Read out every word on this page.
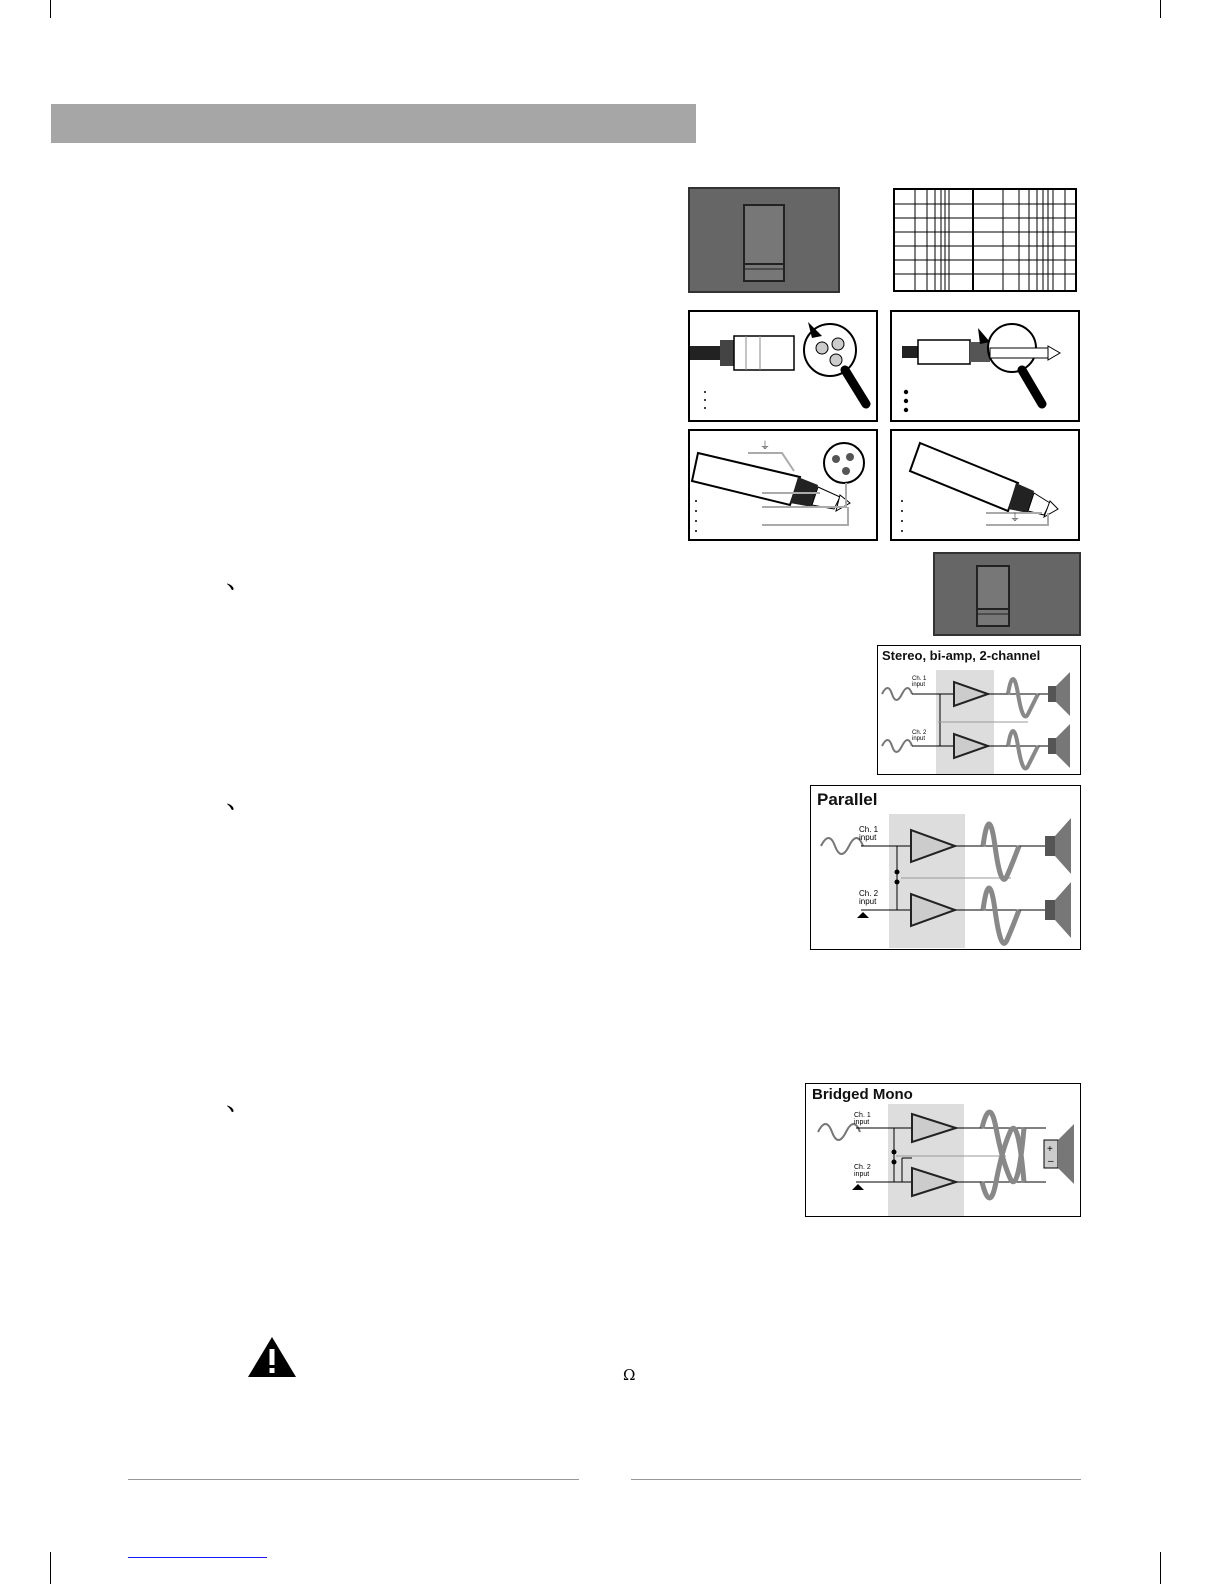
⏚
⏚
、
、
、
Stereo, bi-amp, 2-channel
Ch. 1 input
Ch. 2 input
Parallel
Ch. 1 input
Ch. 2 input
Bridged Mono
+
–
Ch. 1 input
Ch. 2 input
Ω
